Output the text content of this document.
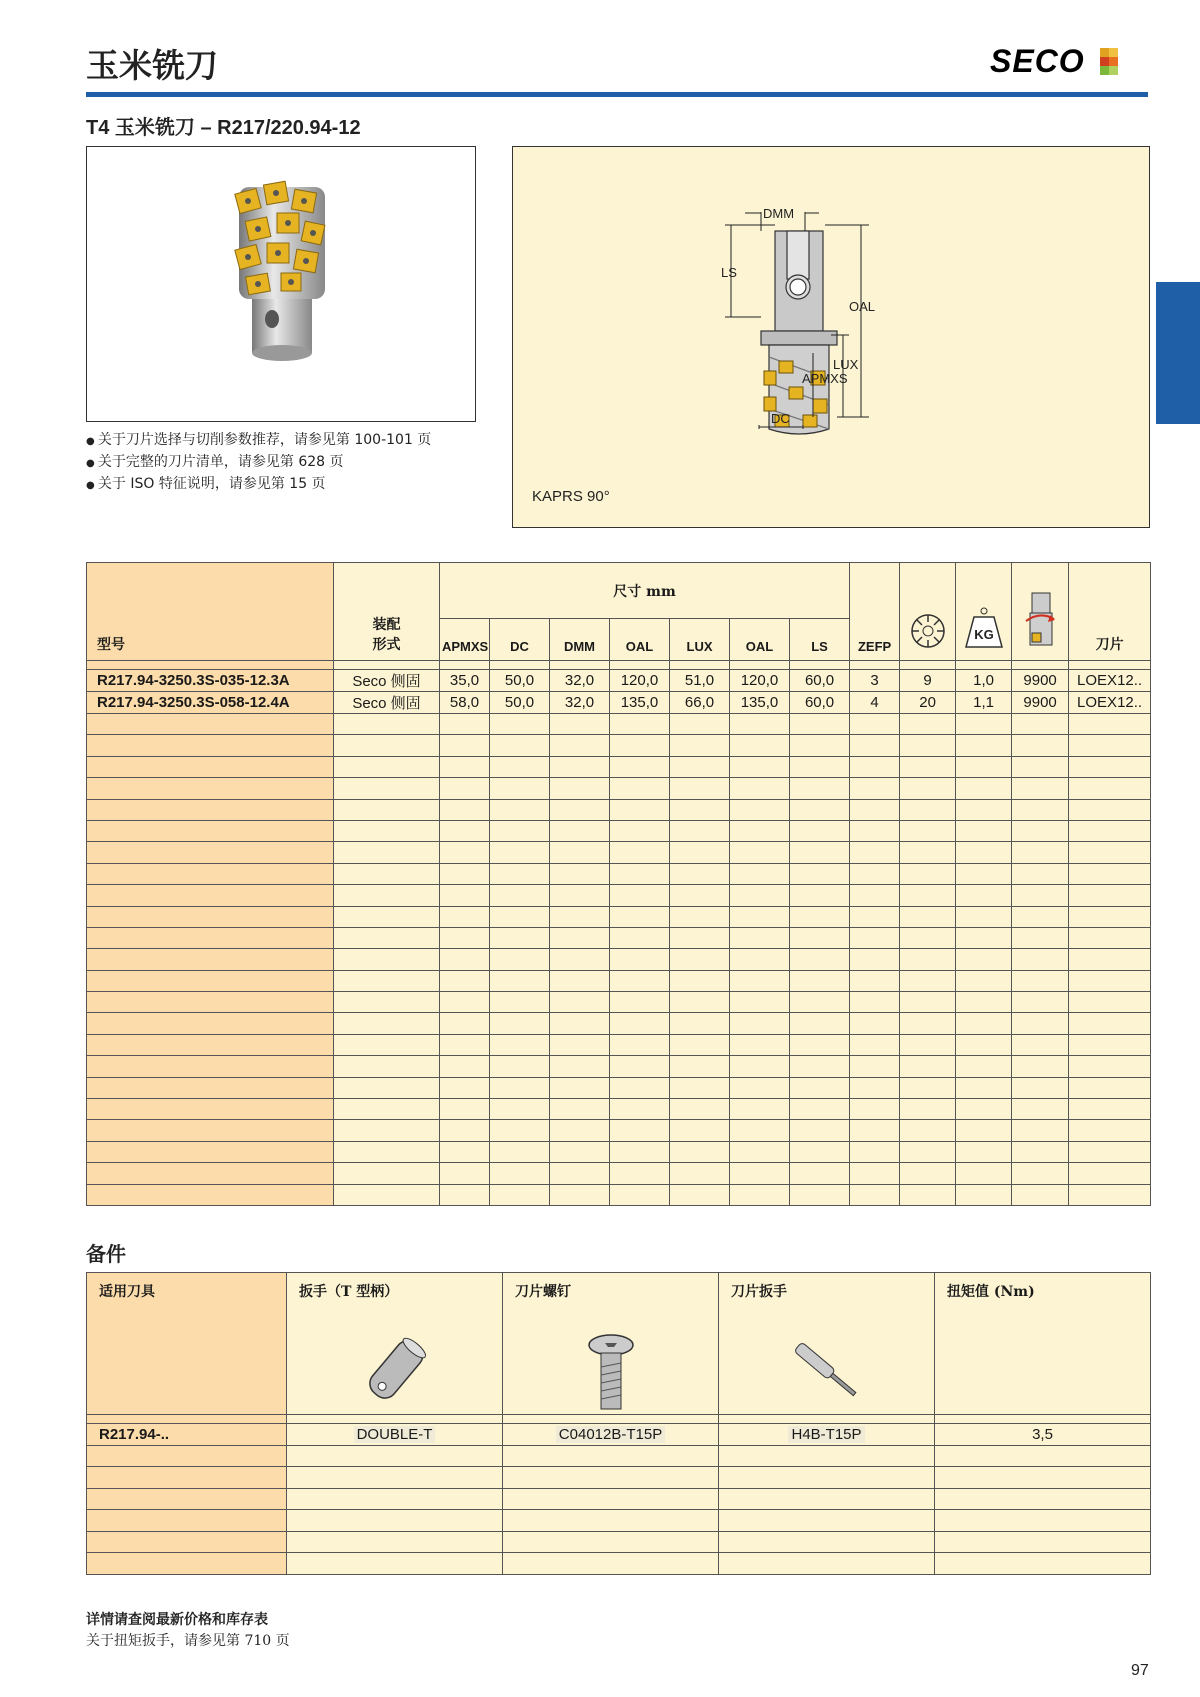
玉米铣刀	SECO
T4 玉米铣刀 – R217/220.94-12
● 关于刀片选择与切削参数推荐，请参见第 100-101 页
● 关于完整的刀片清单，请参见第 628 页
● 关于 ISO 特征说明，请参见第 15 页
DMM
LS
OAL
LUX
APMXS
DC
KAPRS 90°
型号	装配
形式	尺寸 mm							ZEFP		KG		刀片
		APMXS	DC	DMM	OAL	LUX	OAL	LS					

R217.94-3250.3S-035-12.3A	Seco 侧固	35,0	50,0	32,0	120,0	51,0	120,0	60,0	3	9	1,0	9900	LOEX12..
R217.94-3250.3S-058-12.4A	Seco 侧固	58,0	50,0	32,0	135,0	66,0	135,0	60,0	4	20	1,1	9900	LOEX12..

备件
适用刀具	扳手（T 型柄）	刀片螺钉	刀片扳手	扭矩值 (Nm)

R217.94-..	DOUBLE-T	C04012B-T15P	H4B-T15P	3,5

详情请查阅最新价格和库存表
关于扭矩扳手，请参见第 710 页
97
